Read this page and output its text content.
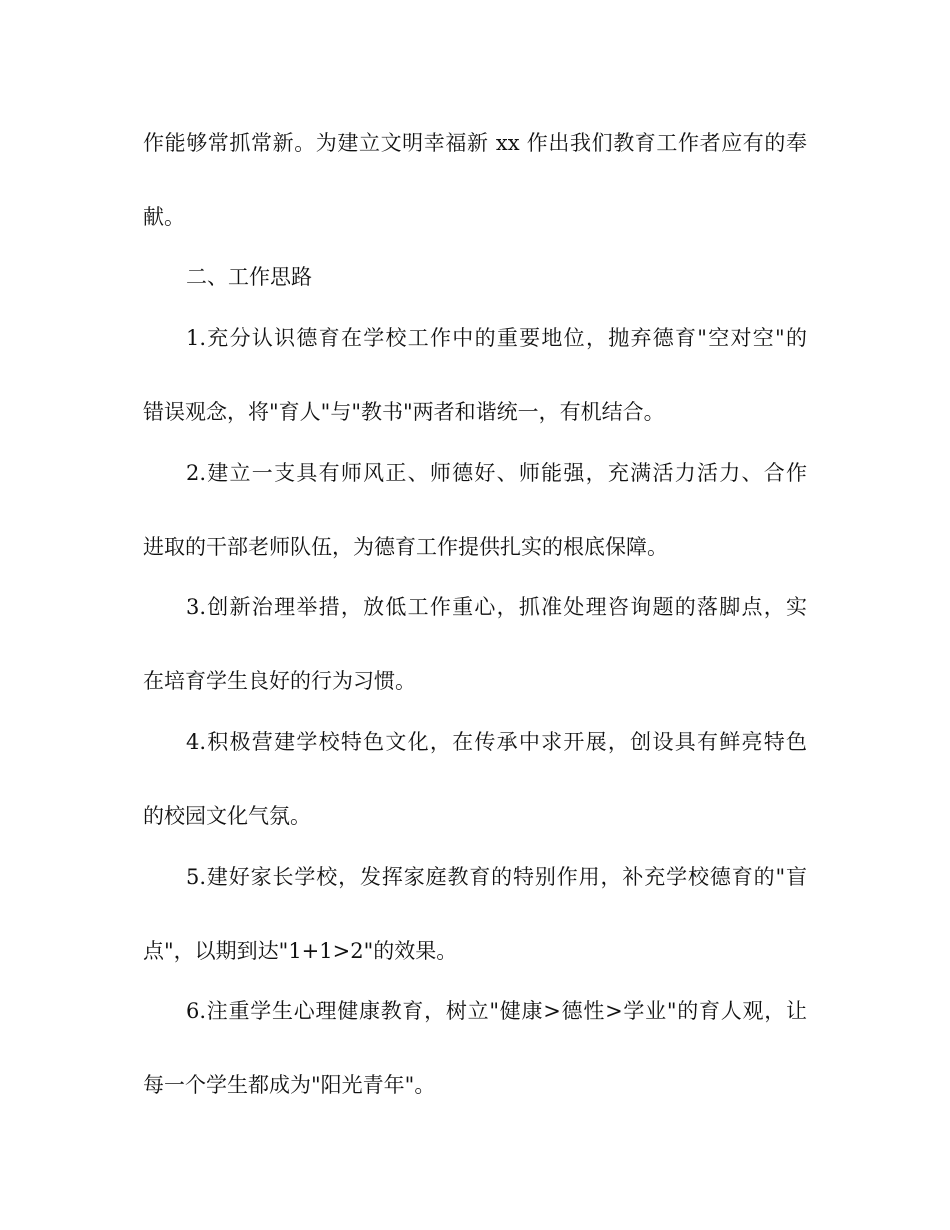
作能够常抓常新。为建立文明幸福新 xx 作出我们教育工作者应有的奉
献。
二、工作思路
1.充分认识德育在学校工作中的重要地位，抛弃德育"空对空"的
错误观念，将"育人"与"教书"两者和谐统一，有机结合。
2.建立一支具有师风正、师德好、师能强，充满活力活力、合作
进取的干部老师队伍，为德育工作提供扎实的根底保障。
3.创新治理举措，放低工作重心，抓准处理咨询题的落脚点，实
在培育学生良好的行为习惯。
4.积极营建学校特色文化，在传承中求开展，创设具有鲜亮特色
的校园文化气氛。
5.建好家长学校，发挥家庭教育的特别作用，补充学校德育的"盲
点"，以期到达"1+1>2"的效果。
6.注重学生心理健康教育，树立"健康>德性>学业"的育人观，让
每一个学生都成为"阳光青年"。
